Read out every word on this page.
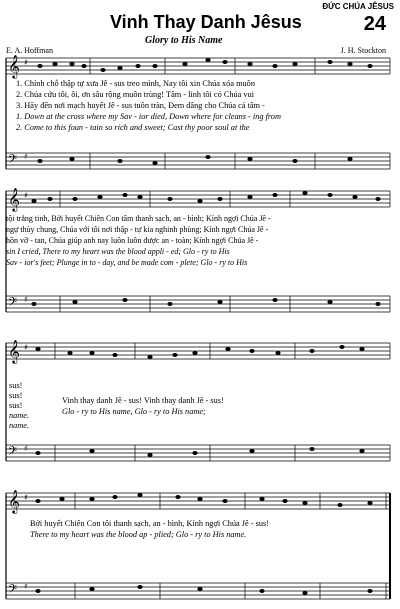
ĐỨC CHÚA JÊSUS
24
Vinh Thay Danh Jêsus
Glory to His Name
E. A. Hoffman	J. H. Stockton
𝄞
𝄢
♯
♯
1. Chính chỗ thập tự xưa Jê - sus treo mình, Nay tôi xin Chúa xóa muôn
2. Chúa cứu tôi, ôi, ơn sâu rộng muôn trùng! Tâm - linh tôi có Chúa vui
3. Hãy đến nơi mạch huyết Jê - sus tuôn tràn, Đem dâng cho Chúa cả tâm -
1. Down at the cross where my Sav - ior died, Down where for cleans - ing from
2. Come to this foun - tain so rich and sweet; Cast thy poor soul at the
𝄞
𝄢
♯
♯
tội trắng tinh, Bởi huyết Chiên Con tâm thanh sạch, an - bình; Kính ngợi Chúa Jê -
ngự thủy chung, Chúa với tôi nơi thập - tự kia nghinh phùng; Kính ngợi Chúa Jê -
hồn vỡ - tan, Chúa giúp anh nay luôn luôn được an - toàn; Kính ngợi Chúa Jê -
sin I cried, There to my heart was the blood appli - ed; Glo - ry to His
Sav - ior's feet; Plunge in to - day, and be made com - plete; Glo - ry to His
𝄞
𝄢
♯
♯
sus!
sus!
sus!
name.
name.
Vinh thay danh Jê - sus! Vinh thay danh Jê - sus!
Glo - ry to His name, Glo - ry to His name;
𝄞
𝄢
♯
♯
Bởi huyết Chiên Con tôi thanh sạch, an - bình, Kính ngợi Chúa Jê - sus!
There to my heart was the blood ap - plied; Glo - ry to His name.
